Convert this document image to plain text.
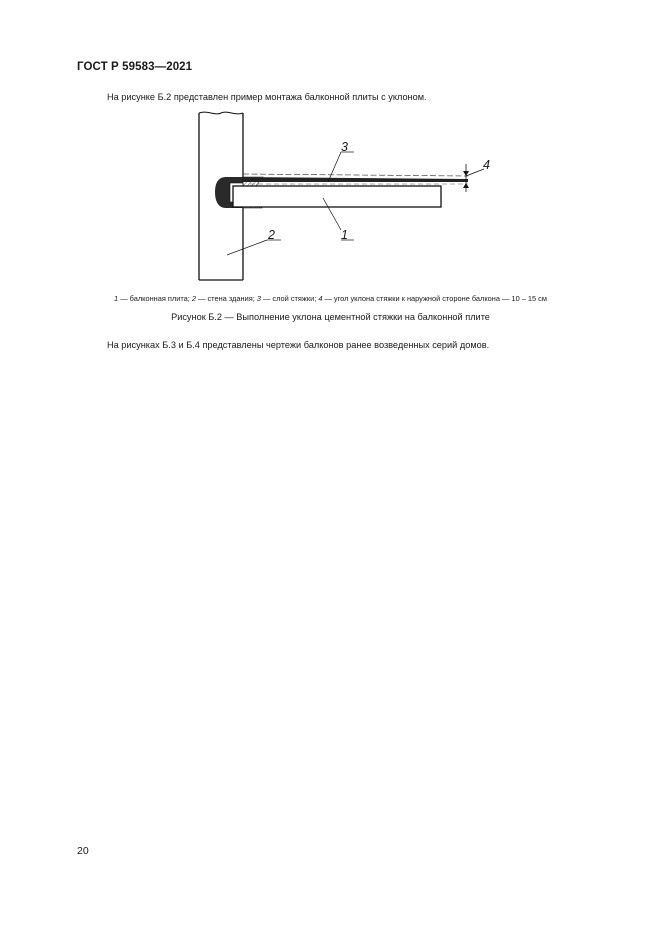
ГОСТ Р 59583—2021
На рисунке Б.2 представлен пример монтажа балконной плиты с уклоном.
3
1
2
4
1 — балконная плита; 2 — стена здания; 3 — слой стяжки; 4 — угол уклона стяжки к наружной стороне балкона — 10 – 15 см
Рисунок Б.2 — Выполнение уклона цементной стяжки на балконной плите
На рисунках Б.3 и Б.4 представлены чертежи балконов ранее возведенных серий домов.
20
